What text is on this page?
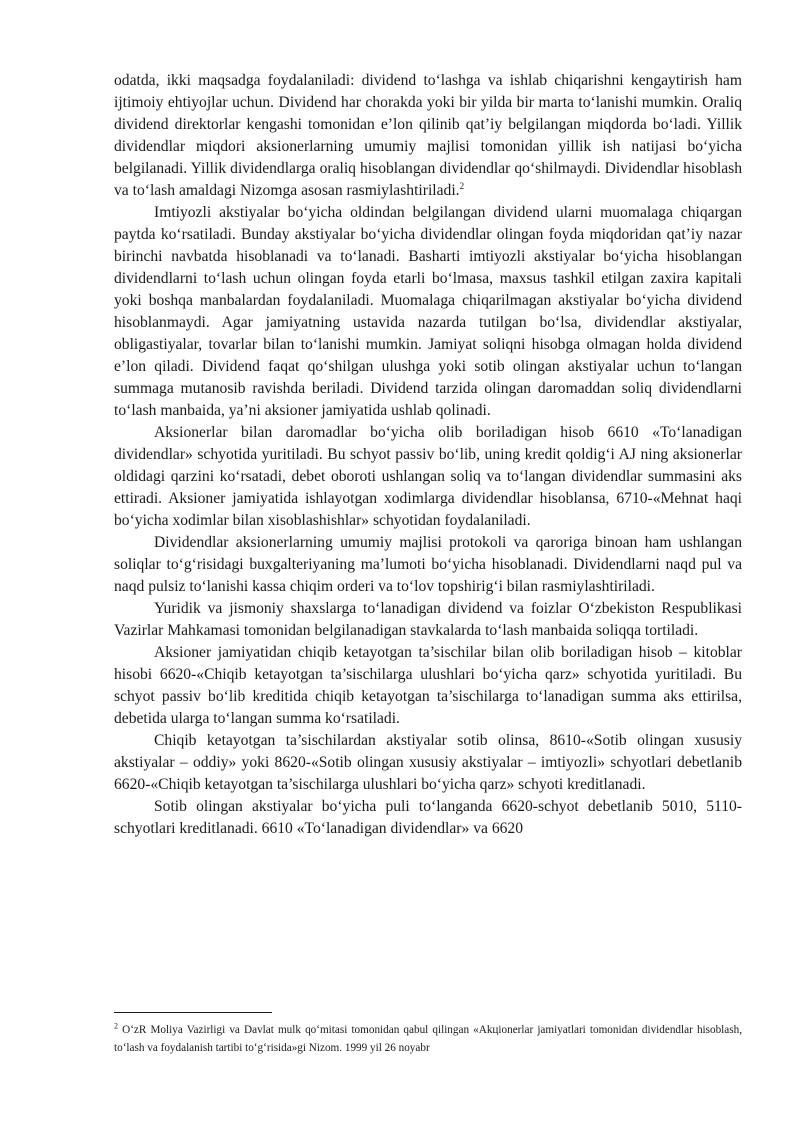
odatda, ikki maqsadga foydalaniladi: dividend to‘lashga va ishlab chiqarishni kengaytirish ham ijtimoiy ehtiyojlar uchun. Dividend har chorakda yoki bir yilda bir marta to‘lanishi mumkin. Oraliq dividend direktorlar kengashi tomonidan e’lon qilinib qat’iy belgilangan miqdorda bo‘ladi. Yillik dividendlar miqdori aksionerlarning umumiy majlisi tomonidan yillik ish natijasi bo‘yicha belgilanadi. Yillik dividendlarga oraliq hisoblangan dividendlar qo‘shilmaydi. Dividendlar hisoblash va to‘lash amaldagi Nizomga asosan rasmiylashtiriladi.$^2$

Imtiyozli akstiyalar bo‘yicha oldindan belgilangan dividend ularni muomalaga chiqargan paytda ko‘rsatiladi. Bunday akstiyalar bo‘yicha dividendlar olingan foyda miqdoridan qat’iy nazar birinchi navbatda hisoblanadi va to‘lanadi. Basharti imtiyozli akstiyalar bo‘yicha hisoblangan dividendlarni to‘lash uchun olingan foyda etarli bo‘lmasa, maxsus tashkil etilgan zaxira kapitali yoki boshqa manbalardan foydalaniladi. Muomalaga chiqarilmagan akstiyalar bo‘yicha dividend hisoblanmaydi. Agar jamiyatning ustavida nazarda tutilgan bo‘lsa, dividendlar akstiyalar, obligastiyalar, tovarlar bilan to‘lanishi mumkin. Jamiyat soliqni hisobga olmagan holda dividend e’lon qiladi. Dividend faqat qo‘shilgan ulushga yoki sotib olingan akstiyalar uchun to‘langan summaga mutanosib ravishda beriladi. Dividend tarzida olingan daromaddan soliq dividendlarni to‘lash manbaida, ya’ni aksioner jamiyatida ushlab qolinadi.

Aksionerlar bilan daromadlar bo‘yicha olib boriladigan hisob 6610 «To‘lanadigan dividendlar» schyotida yuritiladi. Bu schyot passiv bo‘lib, uning kredit qoldig‘i AJ ning aksionerlar oldidagi qarzini ko‘rsatadi, debet oboroti ushlangan soliq va to‘langan dividendlar summasini aks ettiradi. Aksioner jamiyatida ishlayotgan xodimlarga dividendlar hisoblansa, 6710-«Mehnat haqi bo‘yicha xodimlar bilan xisoblashishlar» schyotidan foydalaniladi.

Dividendlar aksionerlarning umumiy majlisi protokoli va qaroriga binoan ham ushlangan soliqlar to‘g‘risidagi buxgalteriyaning ma’lumoti bo‘yicha hisoblanadi. Dividendlarni naqd pul va naqd pulsiz to‘lanishi kassa chiqim orderi va to‘lov topshirig‘i bilan rasmiylashtiriladi.

Yuridik va jismoniy shaxslarga to‘lanadigan dividend va foizlar O‘zbekiston Respublikasi Vazirlar Mahkamasi tomonidan belgilanadigan stavkalarda to‘lash manbaida soliqqa tortiladi.

Aksioner jamiyatidan chiqib ketayotgan ta’sischilar bilan olib boriladigan hisob – kitoblar hisobi 6620-«Chiqib ketayotgan ta’sischilarga ulushlari bo‘yicha qarz» schyotida yuritiladi. Bu schyot passiv bo‘lib kreditida chiqib ketayotgan ta’sischilarga to‘lanadigan summa aks ettirilsa, debetida ularga to‘langan summa ko‘rsatiladi.

Chiqib ketayotgan ta’sischilardan akstiyalar sotib olinsa, 8610-«Sotib olingan xususiy akstiyalar – oddiy» yoki 8620-«Sotib olingan xususiy akstiyalar – imtiyozli» schyotlari debetlanib 6620-«Chiqib ketayotgan ta’sischilarga ulushlari bo‘yicha qarz» schyoti kreditlanadi.

Sotib olingan akstiyalar bo‘yicha puli to‘langanda 6620-schyot debetlanib 5010, 5110-schyotlari kreditlanadi. 6610 «To‘lanadigan dividendlar» va 6620

$^2$ O‘zR Moliya Vazirligi va Davlat mulk qo‘mitasi tomonidan qabul qilingan «Akцionerlar jamiyatlari tomonidan dividendlar hisoblash, to‘lash va foydalanish tartibi to‘g‘risida»gi Nizom. 1999 yil 26 noyabr
